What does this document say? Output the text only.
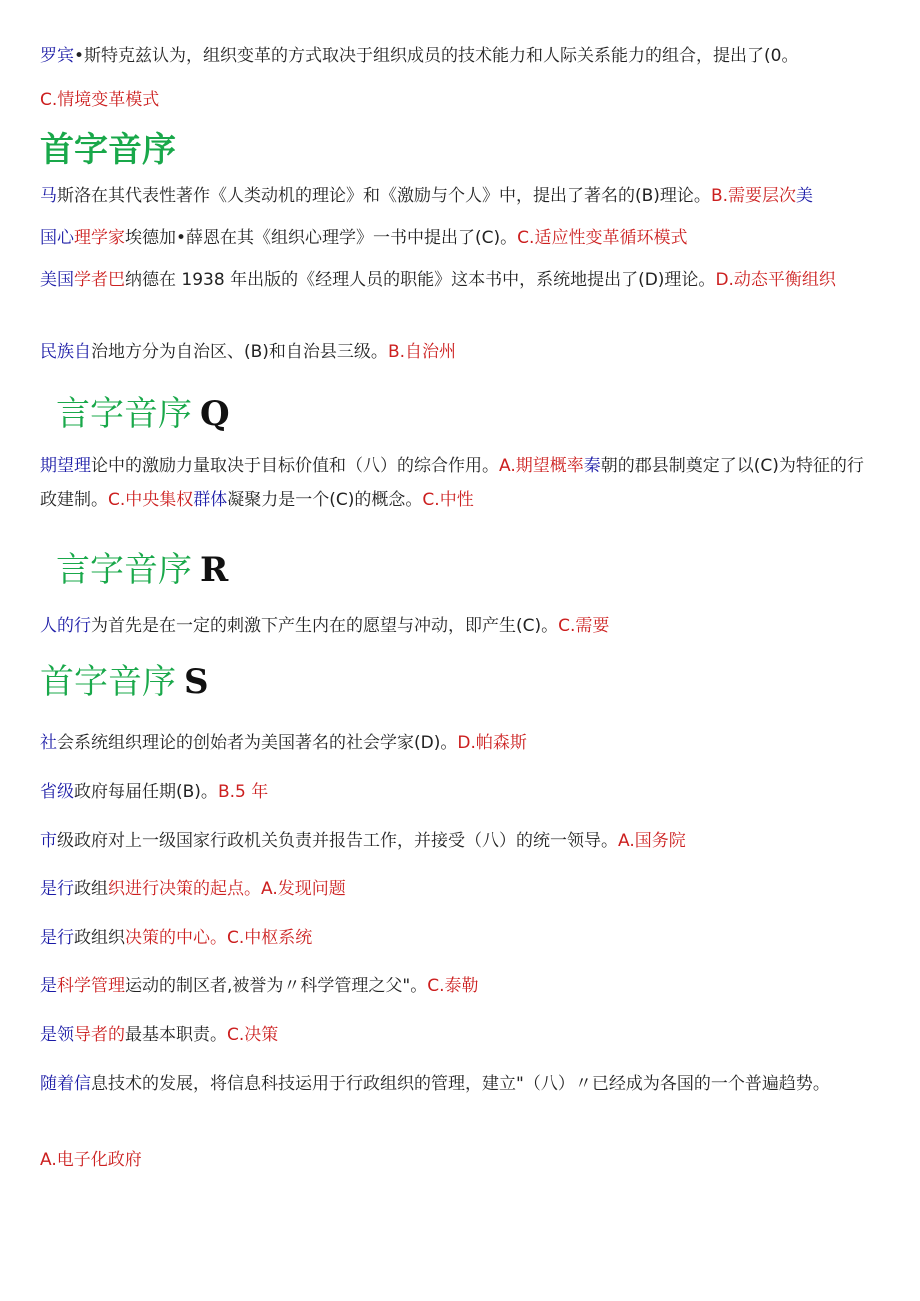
罗宾•斯特克兹认为，组织变革的方式取决于组织成员的技术能力和人际关系能力的组合，提出了(0。
C.情境变革模式
首字音序
马斯洛在其代表性著作《人类动机的理论》和《激励与个人》中，提出了著名的(B)理论。B.需要层次美
国心理学家埃德加•薛恩在其《组织心理学》一书中提出了(C)。C.适应性变革循环模式
美国学者巴纳德在 1938 年出版的《经理人员的职能》这本书中，系统地提出了(D)理论。D.动态平衡组织
民族自治地方分为自治区、(B)和自治县三级。B.自治州
言字音序 Q
期望理论中的激励力量取决于目标价值和（八）的综合作用。A.期望概率秦朝的郡县制奠定了以(C)为特征的行政建制。C.中央集权群体凝聚力是一个(C)的概念。C.中性
言字音序 R
人的行为首先是在一定的刺激下产生内在的愿望与冲动，即产生(C)。C.需要
首字音序 S
社会系统组织理论的创始者为美国著名的社会学家(D)。D.帕森斯
省级政府每届任期(B)。B.5 年
市级政府对上一级国家行政机关负责并报告工作，并接受（八）的统一领导。A.国务院
是行政组织进行决策的起点。A.发现问题
是行政组织决策的中心。C.中枢系统
是科学管理运动的制区者,被誉为〃科学管理之父"。C.泰勒
是领导者的最基本职责。C.决策
随着信息技术的发展，将信息科技运用于行政组织的管理，建立"（八）〃已经成为各国的一个普遍趋势。
A.电子化政府
